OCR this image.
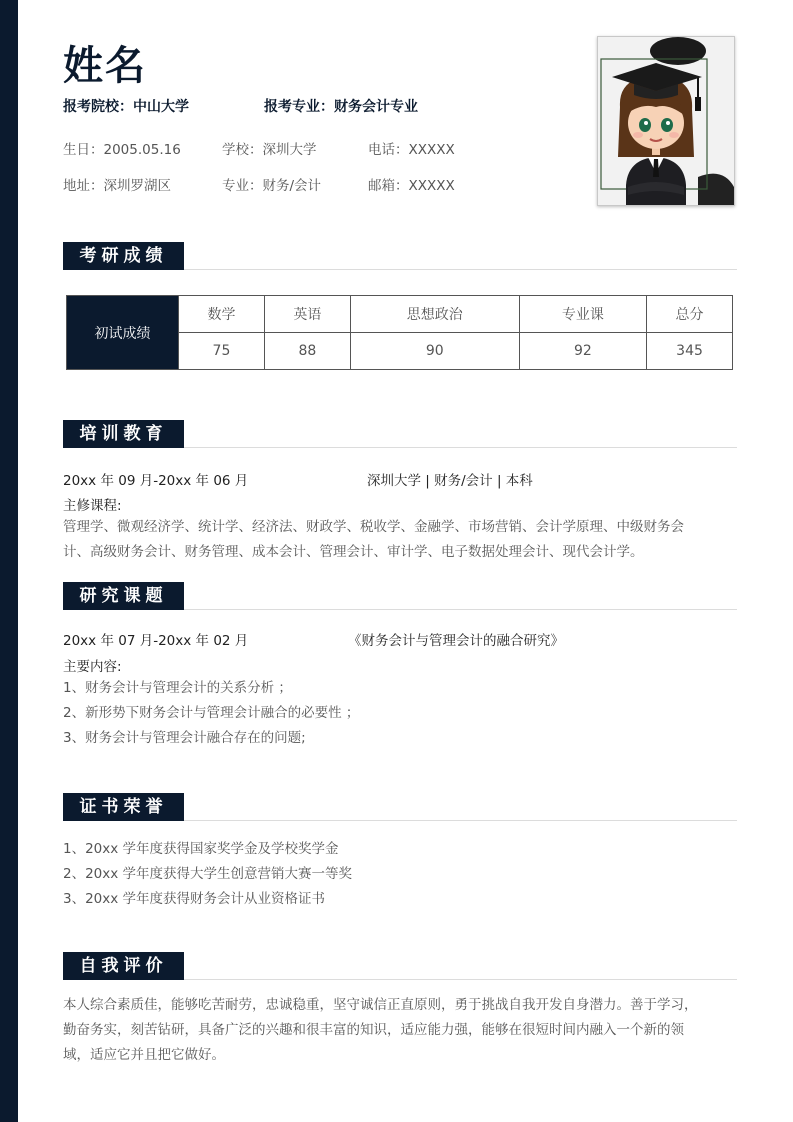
姓名
报考院校：中山大学	报考专业：财务会计专业
生日：2005.05.16	学校：深圳大学	电话：XXXXX
地址：深圳罗湖区	专业：财务/会计	邮箱：XXXXX
考研成绩
初试成绩	数学	英语	思想政治	专业课	总分
	75	88	90	92	345
培训教育
20xx 年 09 月-20xx 年 06 月	深圳大学 | 财务/会计 | 本科
主修课程:
管理学、微观经济学、统计学、经济法、财政学、税收学、金融学、市场营销、会计学原理、中级财务会
计、高级财务会计、财务管理、成本会计、管理会计、审计学、电子数据处理会计、现代会计学。
研究课题
20xx 年 07 月-20xx 年 02 月	《财务会计与管理会计的融合研究》
主要内容:
1、财务会计与管理会计的关系分析 ；
2、新形势下财务会计与管理会计融合的必要性 ；
3、财务会计与管理会计融合存在的问题;
证书荣誉
1、20xx 学年度获得国家奖学金及学校奖学金
2、20xx 学年度获得大学生创意营销大赛一等奖
3、20xx 学年度获得财务会计从业资格证书
自我评价
本人综合素质佳，能够吃苦耐劳，忠诚稳重，坚守诚信正直原则，勇于挑战自我开发自身潜力。善于学习，
勤奋务实，刻苦钻研，具备广泛的兴趣和很丰富的知识，适应能力强，能够在很短时间内融入一个新的领
域，适应它并且把它做好。
